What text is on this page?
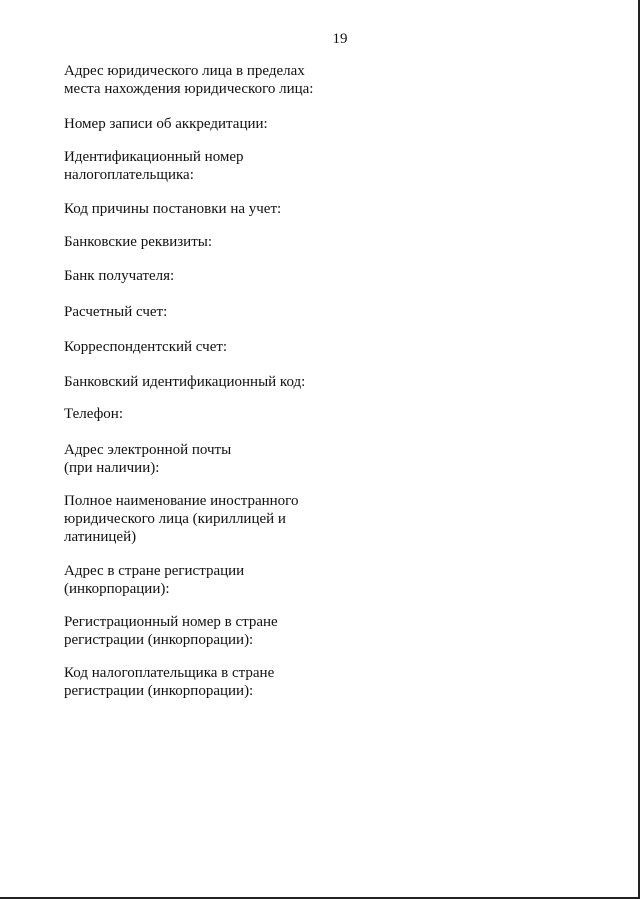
19
Адрес юридического лица в пределах
места нахождения юридического лица:
Номер записи об аккредитации:
Идентификационный номер
налогоплательщика:
Код причины постановки на учет:
Банковские реквизиты:
Банк получателя:
Расчетный счет:
Корреспондентский счет:
Банковский идентификационный код:
Телефон:
Адрес электронной почты
(при наличии):
Полное наименование иностранного
юридического лица (кириллицей и
латиницей)
Адрес в стране регистрации
(инкорпорации):
Регистрационный номер в стране
регистрации (инкорпорации):
Код налогоплательщика в стране
регистрации (инкорпорации):
